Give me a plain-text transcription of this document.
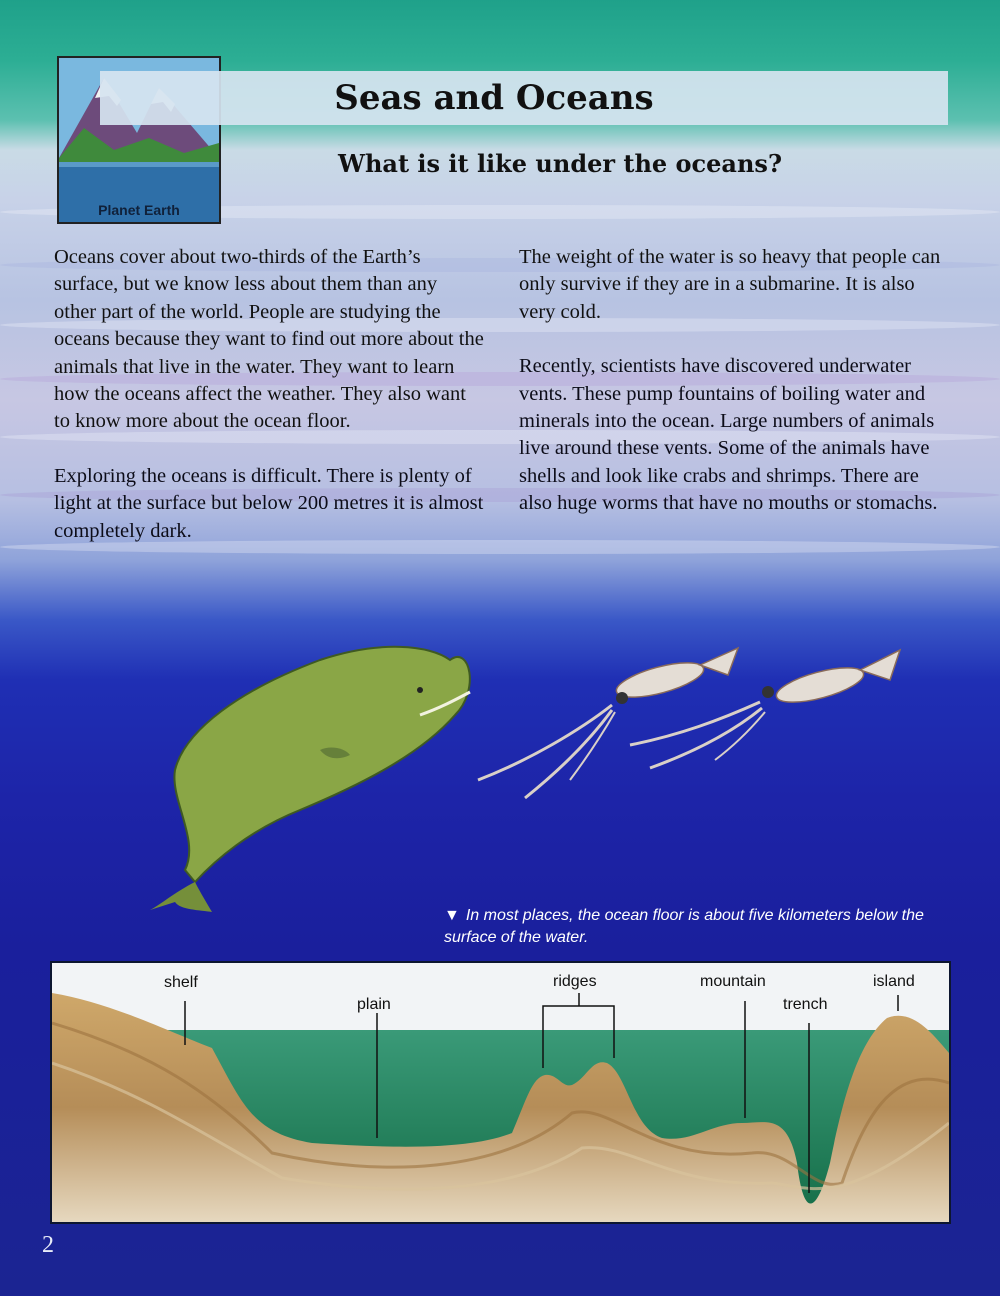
Planet Earth
Seas and Oceans
What is it like under the oceans?

Oceans cover about two-thirds of the Earth’s surface, but we know less about them than any other part of the world. People are studying the oceans because they want to find out more about the animals that live in the water. They want to learn how the oceans affect the weather. They also want to know more about the ocean floor.

Exploring the oceans is difficult. There is plenty of light at the surface but below 200 metres it is almost completely dark.

The weight of the water is so heavy that people can only survive if they are in a submarine. It is also very cold.

Recently, scientists have discovered underwater vents. These pump fountains of boiling water and minerals into the ocean. Large numbers of animals live around these vents. Some of the animals have shells and look like crabs and shrimps. There are also huge worms that have no mouths or stomachs.

▼ In most places, the ocean floor is about five kilometers below the surface of the water.
shelf
plain
ridges	mountain
trench
island
2
